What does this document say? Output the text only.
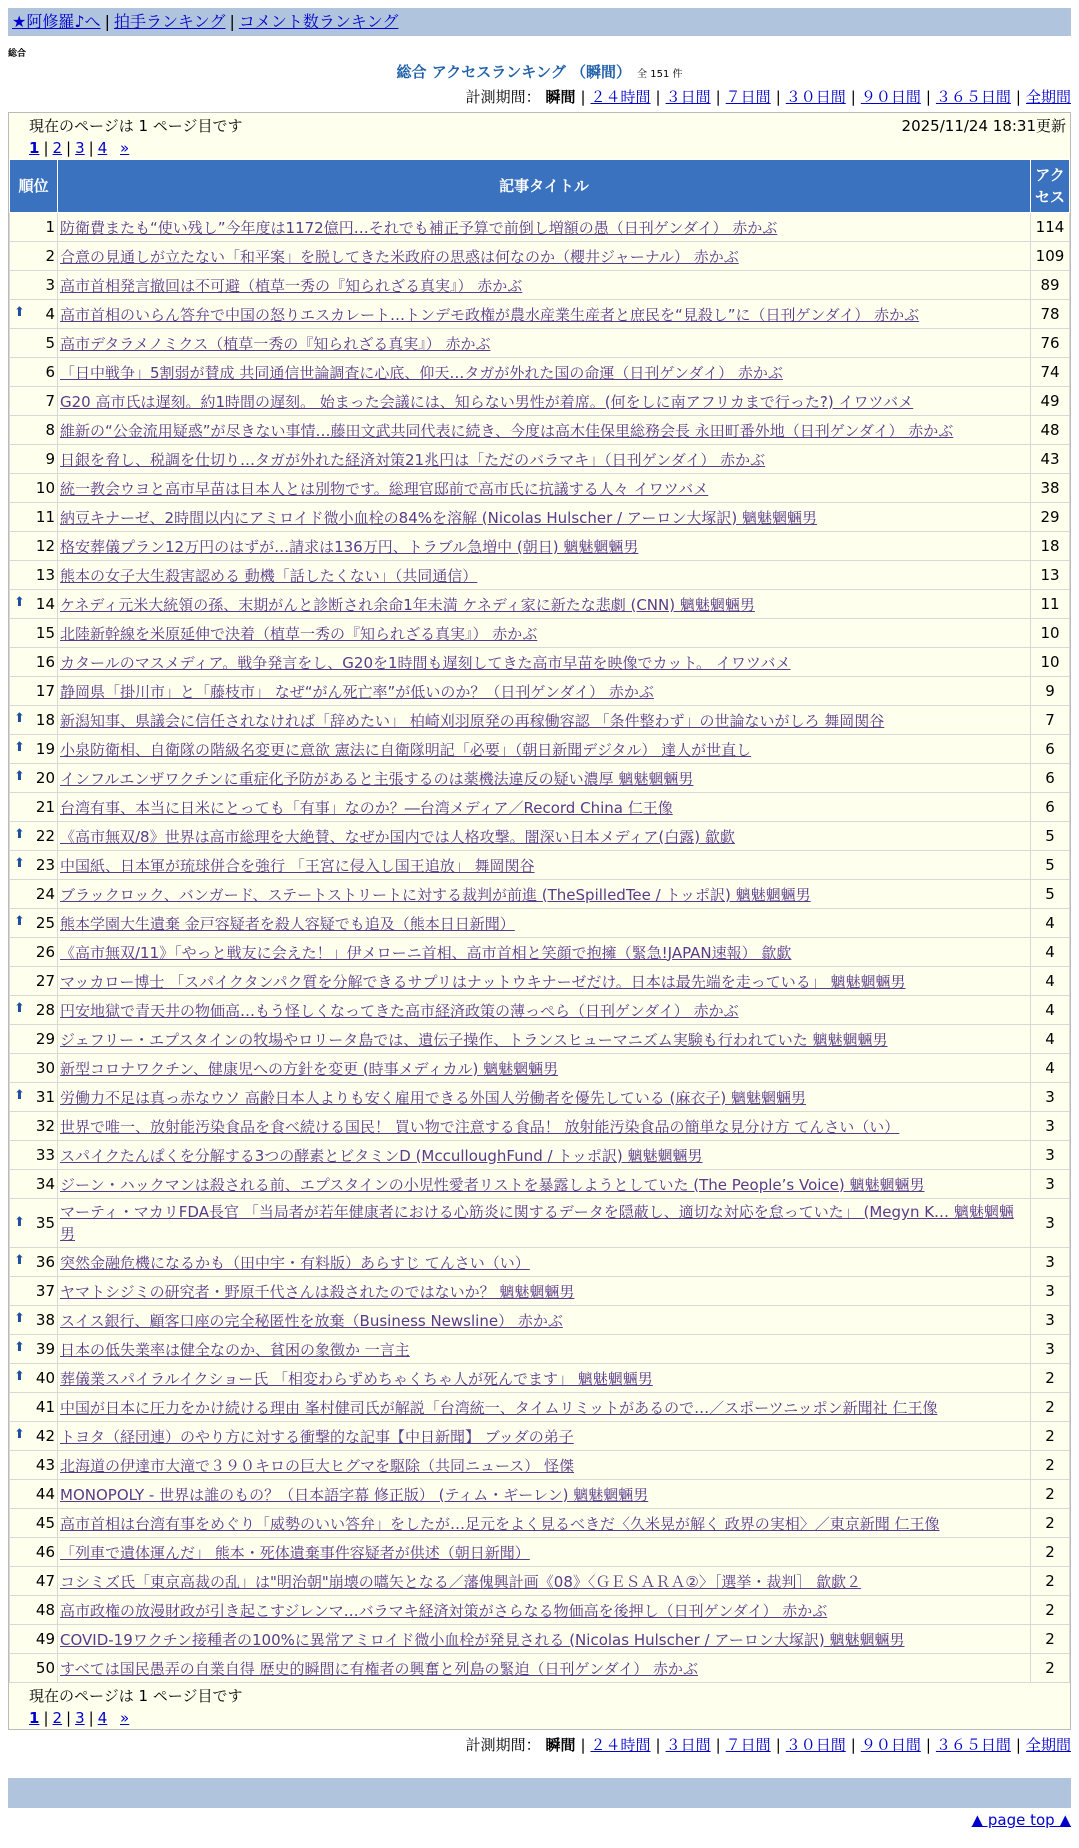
★阿修羅♪へ | 拍手ランキング | コメント数ランキング
総合
総合 アクセスランキング （瞬間） 全 151 件
計測期間： 瞬間 | ２４時間 | ３日間 | ７日間 | ３０日間 | ９０日間 | ３６５日間 | 全期間
現在のページは 1 ページ目です	2025/11/24 18:31更新
1 | 2 | 3 | 4 »
順位	記事タイトル	アクセス
1	防衛費またも“使い残し”今年度は1172億円…それでも補正予算で前倒し増額の愚（日刊ゲンダイ） 赤かぶ	114
2	合意の見通しが立たない「和平案」を脱してきた米政府の思惑は何なのか（櫻井ジャーナル） 赤かぶ	109
3	高市首相発言撤回は不可避（植草一秀の『知られざる真実』） 赤かぶ	89

⬆ 4	高市首相のいらん答弁で中国の怒りエスカレート…トンデモ政権が農水産業生産者と庶民を“見殺し”に（日刊ゲンダイ） 赤かぶ	78
5	高市デタラメノミクス（植草一秀の『知られざる真実』） 赤かぶ	76
6	「日中戦争」5割弱が賛成 共同通信世論調査に心底、仰天…タガが外れた国の命運（日刊ゲンダイ） 赤かぶ	74
7	G20 高市氏は遅刻。約1時間の遅刻。 始まった会議には、知らない男性が着席。(何をしに南アフリカまで行った?) イワツバメ	49
8	維新の“公金流用疑惑”が尽きない事情…藤田文武共同代表に続き、今度は高木佳保里総務会長 永田町番外地（日刊ゲンダイ） 赤かぶ	48
9	日銀を脅し、税調を仕切り…タガが外れた経済対策21兆円は「ただのバラマキ」（日刊ゲンダイ） 赤かぶ	43
10	統一教会ウヨと高市早苗は日本人とは別物です。総理官邸前で高市氏に抗議する人々 イワツバメ	38
11	納豆キナーゼ、2時間以内にアミロイド微小血栓の84%を溶解 (Nicolas Hulscher / アーロン大塚訳) 魑魅魍魎男	29
12	格安葬儀プラン12万円のはずが…請求は136万円、トラブル急増中 (朝日) 魑魅魍魎男	18
13	熊本の女子大生殺害認める 動機「話したくない」（共同通信）	13

⬆ 14	ケネディ元米大統領の孫、末期がんと診断され余命1年未満 ケネディ家に新たな悲劇 (CNN) 魑魅魍魎男	11
15	北陸新幹線を米原延伸で決着（植草一秀の『知られざる真実』） 赤かぶ	10
16	カタールのマスメディア。戦争発言をし、G20を1時間も遅刻してきた高市早苗を映像でカット。 イワツバメ	10
17	静岡県「掛川市」と「藤枝市」 なぜ“がん死亡率”が低いのか？（日刊ゲンダイ） 赤かぶ	9

⬆ 18	新潟知事、県議会に信任されなければ「辞めたい」 柏崎刈羽原発の再稼働容認 「条件整わず」の世論ないがしろ 舞岡関谷	7

⬆ 19	小泉防衛相、自衛隊の階級名変更に意欲 憲法に自衛隊明記「必要」（朝日新聞デジタル） 達人が世直し	6

⬆ 20	インフルエンザワクチンに重症化予防があると主張するのは薬機法違反の疑い濃厚 魑魅魍魎男	6
21	台湾有事、本当に日米にとっても「有事」なのか？―台湾メディア／Record China 仁王像	6

⬆ 22	《高市無双/8》世界は高市総理を大絶賛、なぜか国内では人格攻撃。闇深い日本メディア(白露) 歙歔	5

⬆ 23	中国紙、日本軍が琉球併合を強行 「王宮に侵入し国王追放」 舞岡関谷	5
24	ブラックロック、バンガード、ステートストリートに対する裁判が前進 (TheSpilledTee / トッポ訳) 魑魅魍魎男	5

⬆ 25	熊本学園大生遺棄 金戸容疑者を殺人容疑でも追及（熊本日日新聞）	4
26	《高市無双/11》「やっと戦友に会えた！」伊メローニ首相、高市首相と笑顔で抱擁（緊急!JAPAN速報） 歙歔	4
27	マッカロー博士 「スパイクタンパク質を分解できるサプリはナットウキナーゼだけ。日本は最先端を走っている」 魑魅魍魎男	4

⬆ 28	円安地獄で青天井の物価高…もう怪しくなってきた高市経済政策の薄っぺら（日刊ゲンダイ） 赤かぶ	4
29	ジェフリー・エプスタインの牧場やロリータ島では、遺伝子操作、トランスヒューマニズム実験も行われていた 魑魅魍魎男	4
30	新型コロナワクチン、健康児への方針を変更 (時事メディカル) 魑魅魍魎男	4

⬆ 31	労働力不足は真っ赤なウソ 高齢日本人よりも安く雇用できる外国人労働者を優先している (麻衣子) 魑魅魍魎男	3
32	世界で唯一、放射能汚染食品を食べ続ける国民！ 買い物で注意する食品！ 放射能汚染食品の簡単な見分け方 てんさい（い）	3
33	スパイクたんぱくを分解する3つの酵素とビタミンD (McculloughFund / トッポ訳) 魑魅魍魎男	3
34	ジーン・ハックマンは殺される前、エプスタインの小児性愛者リストを暴露しようとしていた (The People’s Voice) 魑魅魍魎男	3

⬆ 35	マーティ・マカリFDA長官 「当局者が若年健康者における心筋炎に関するデータを隠蔽し、適切な対応を怠っていた」 (Megyn K… 魑魅魍魎男	3

⬆ 36	突然金融危機になるかも（田中宇・有料版）あらすじ てんさい（い）	3
37	ヤマトシジミの研究者・野原千代さんは殺されたのではないか？ 魑魅魍魎男	3

⬆ 38	スイス銀行、顧客口座の完全秘匿性を放棄（Business Newsline） 赤かぶ	3

⬆ 39	日本の低失業率は健全なのか、貧困の象徴か 一言主	3

⬆ 40	葬儀業スパイラルイクショー氏 「相変わらずめちゃくちゃ人が死んでます」 魑魅魍魎男	2
41	中国が日本に圧力をかけ続ける理由 峯村健司氏が解説「台湾統一、タイムリミットがあるので…／スポーツニッポン新聞社 仁王像	2

⬆ 42	トヨタ（経団連）のやり方に対する衝撃的な記事【中日新聞】 ブッダの弟子	2
43	北海道の伊達市大滝で３９０キロの巨大ヒグマを駆除（共同ニュース） 怪傑	2
44	MONOPOLY - 世界は誰のもの？（日本語字幕 修正版） (ティム・ギーレン) 魑魅魍魎男	2
45	高市首相は台湾有事をめぐり「威勢のいい答弁」をしたが…足元をよく見るべきだ〈久米晃が解く 政界の実相〉／東京新聞 仁王像	2
46	「列車で遺体運んだ」 熊本・死体遺棄事件容疑者が供述（朝日新聞）	2
47	コシミズ氏「東京高裁の乱」は"明治朝"崩壊の嚆矢となる／藩傀興計画《08》〈ＧＥＳＡＲＡ②〉［選挙・裁判］ 歙歔２	2
48	高市政権の放漫財政が引き起こすジレンマ…バラマキ経済対策がさらなる物価高を後押し（日刊ゲンダイ） 赤かぶ	2
49	COVID-19ワクチン接種者の100%に異常アミロイド微小血栓が発見される (Nicolas Hulscher / アーロン大塚訳) 魑魅魍魎男	2
50	すべては国民愚弄の自業自得 歴史的瞬間に有権者の興奮と列島の緊迫（日刊ゲンダイ） 赤かぶ	2
現在のページは 1 ページ目です
1 | 2 | 3 | 4 »
計測期間： 瞬間 | ２４時間 | ３日間 | ７日間 | ３０日間 | ９０日間 | ３６５日間 | 全期間
▲ page top ▲
